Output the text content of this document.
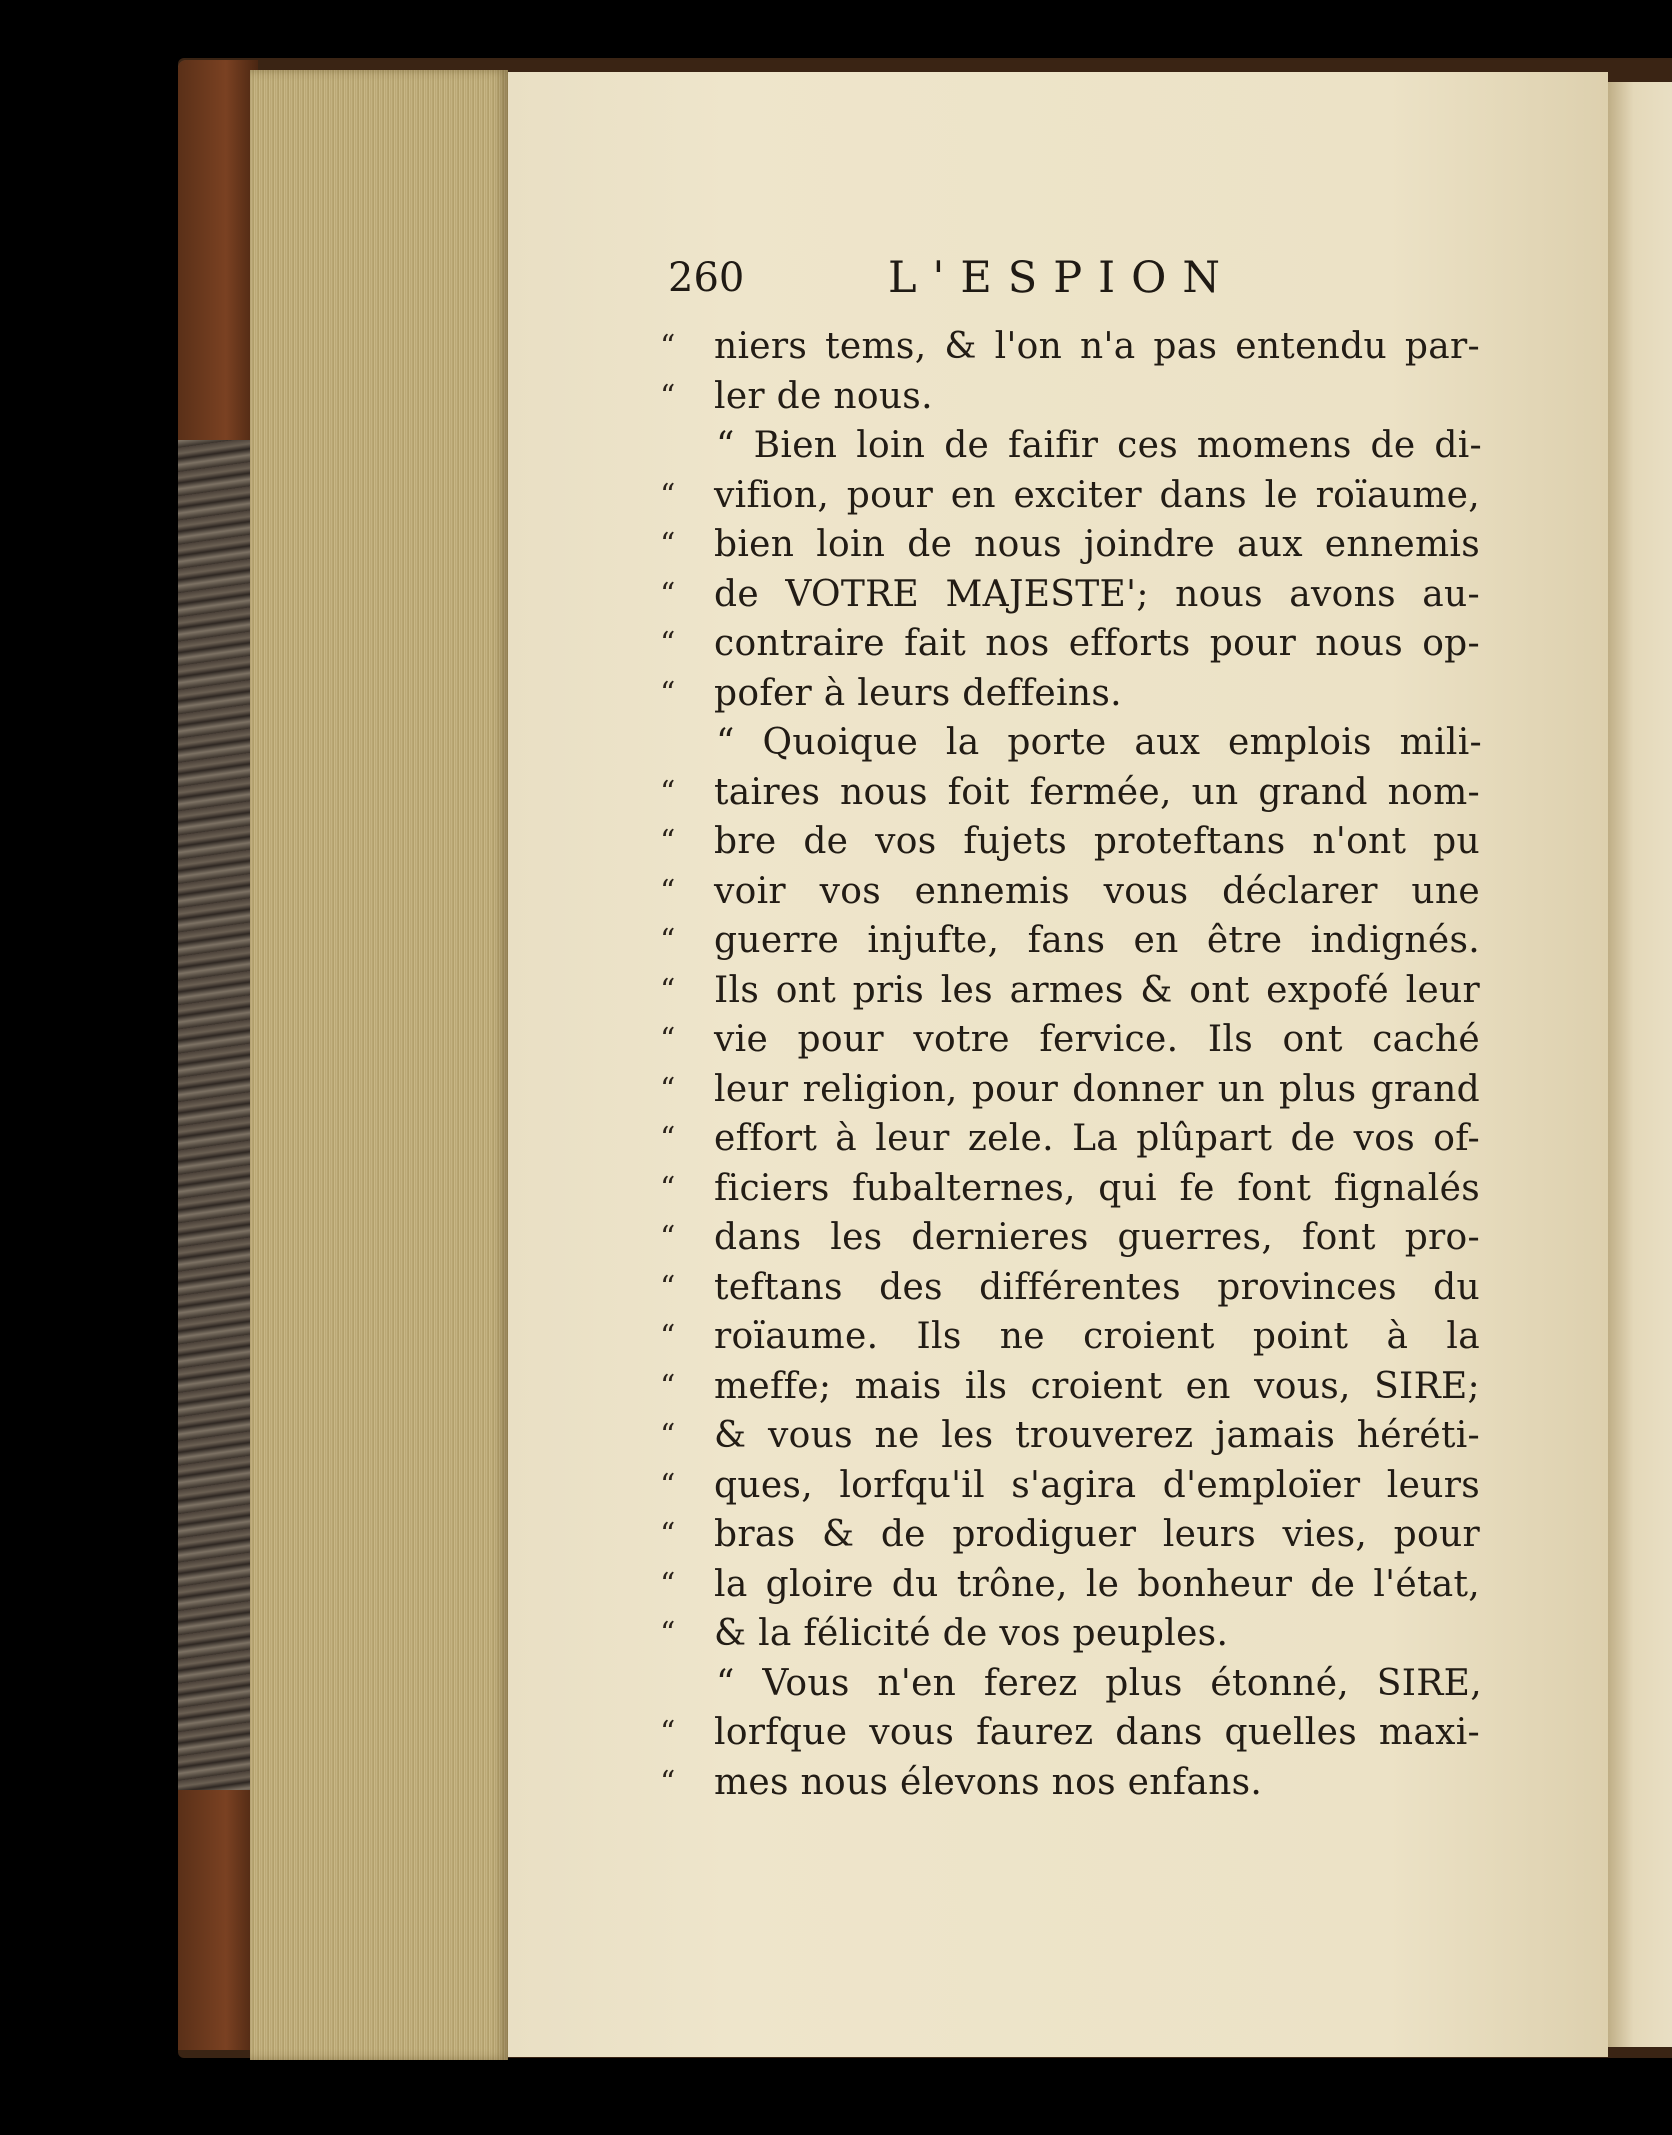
260	L'ESPION
“	niers tems, & l'on n'a pas entendu par-
“	ler de nous.
“ Bien loin de faifir ces momens de di-
“	vifion, pour en exciter dans le roïaume,
“	bien loin de nous joindre aux ennemis
“	de VOTRE MAJESTE'; nous avons au-
“	contraire fait nos efforts pour nous op-
“	pofer à leurs deffeins.
“ Quoique la porte aux emplois mili-
“	taires nous foit fermée, un grand nom-
“	bre de vos fujets proteftans n'ont pu
“	voir vos ennemis vous déclarer une
“	guerre injufte, fans en être indignés.
“	Ils ont pris les armes & ont expofé leur
“	vie pour votre fervice. Ils ont caché
“	leur religion, pour donner un plus grand
“	effort à leur zele. La plûpart de vos of-
“	ficiers fubalternes, qui fe font fignalés
“	dans les dernieres guerres, font pro-
“	teftans des différentes provinces du
“	roïaume. Ils ne croient point à la
“	meffe; mais ils croient en vous, SIRE;
“	& vous ne les trouverez jamais héréti-
“	ques, lorfqu'il s'agira d'emploïer leurs
“	bras & de prodiguer leurs vies, pour
“	la gloire du trône, le bonheur de l'état,
“	& la félicité de vos peuples.
“ Vous n'en ferez plus étonné, SIRE,
“	lorfque vous faurez dans quelles maxi-
“	mes nous élevons nos enfans.
